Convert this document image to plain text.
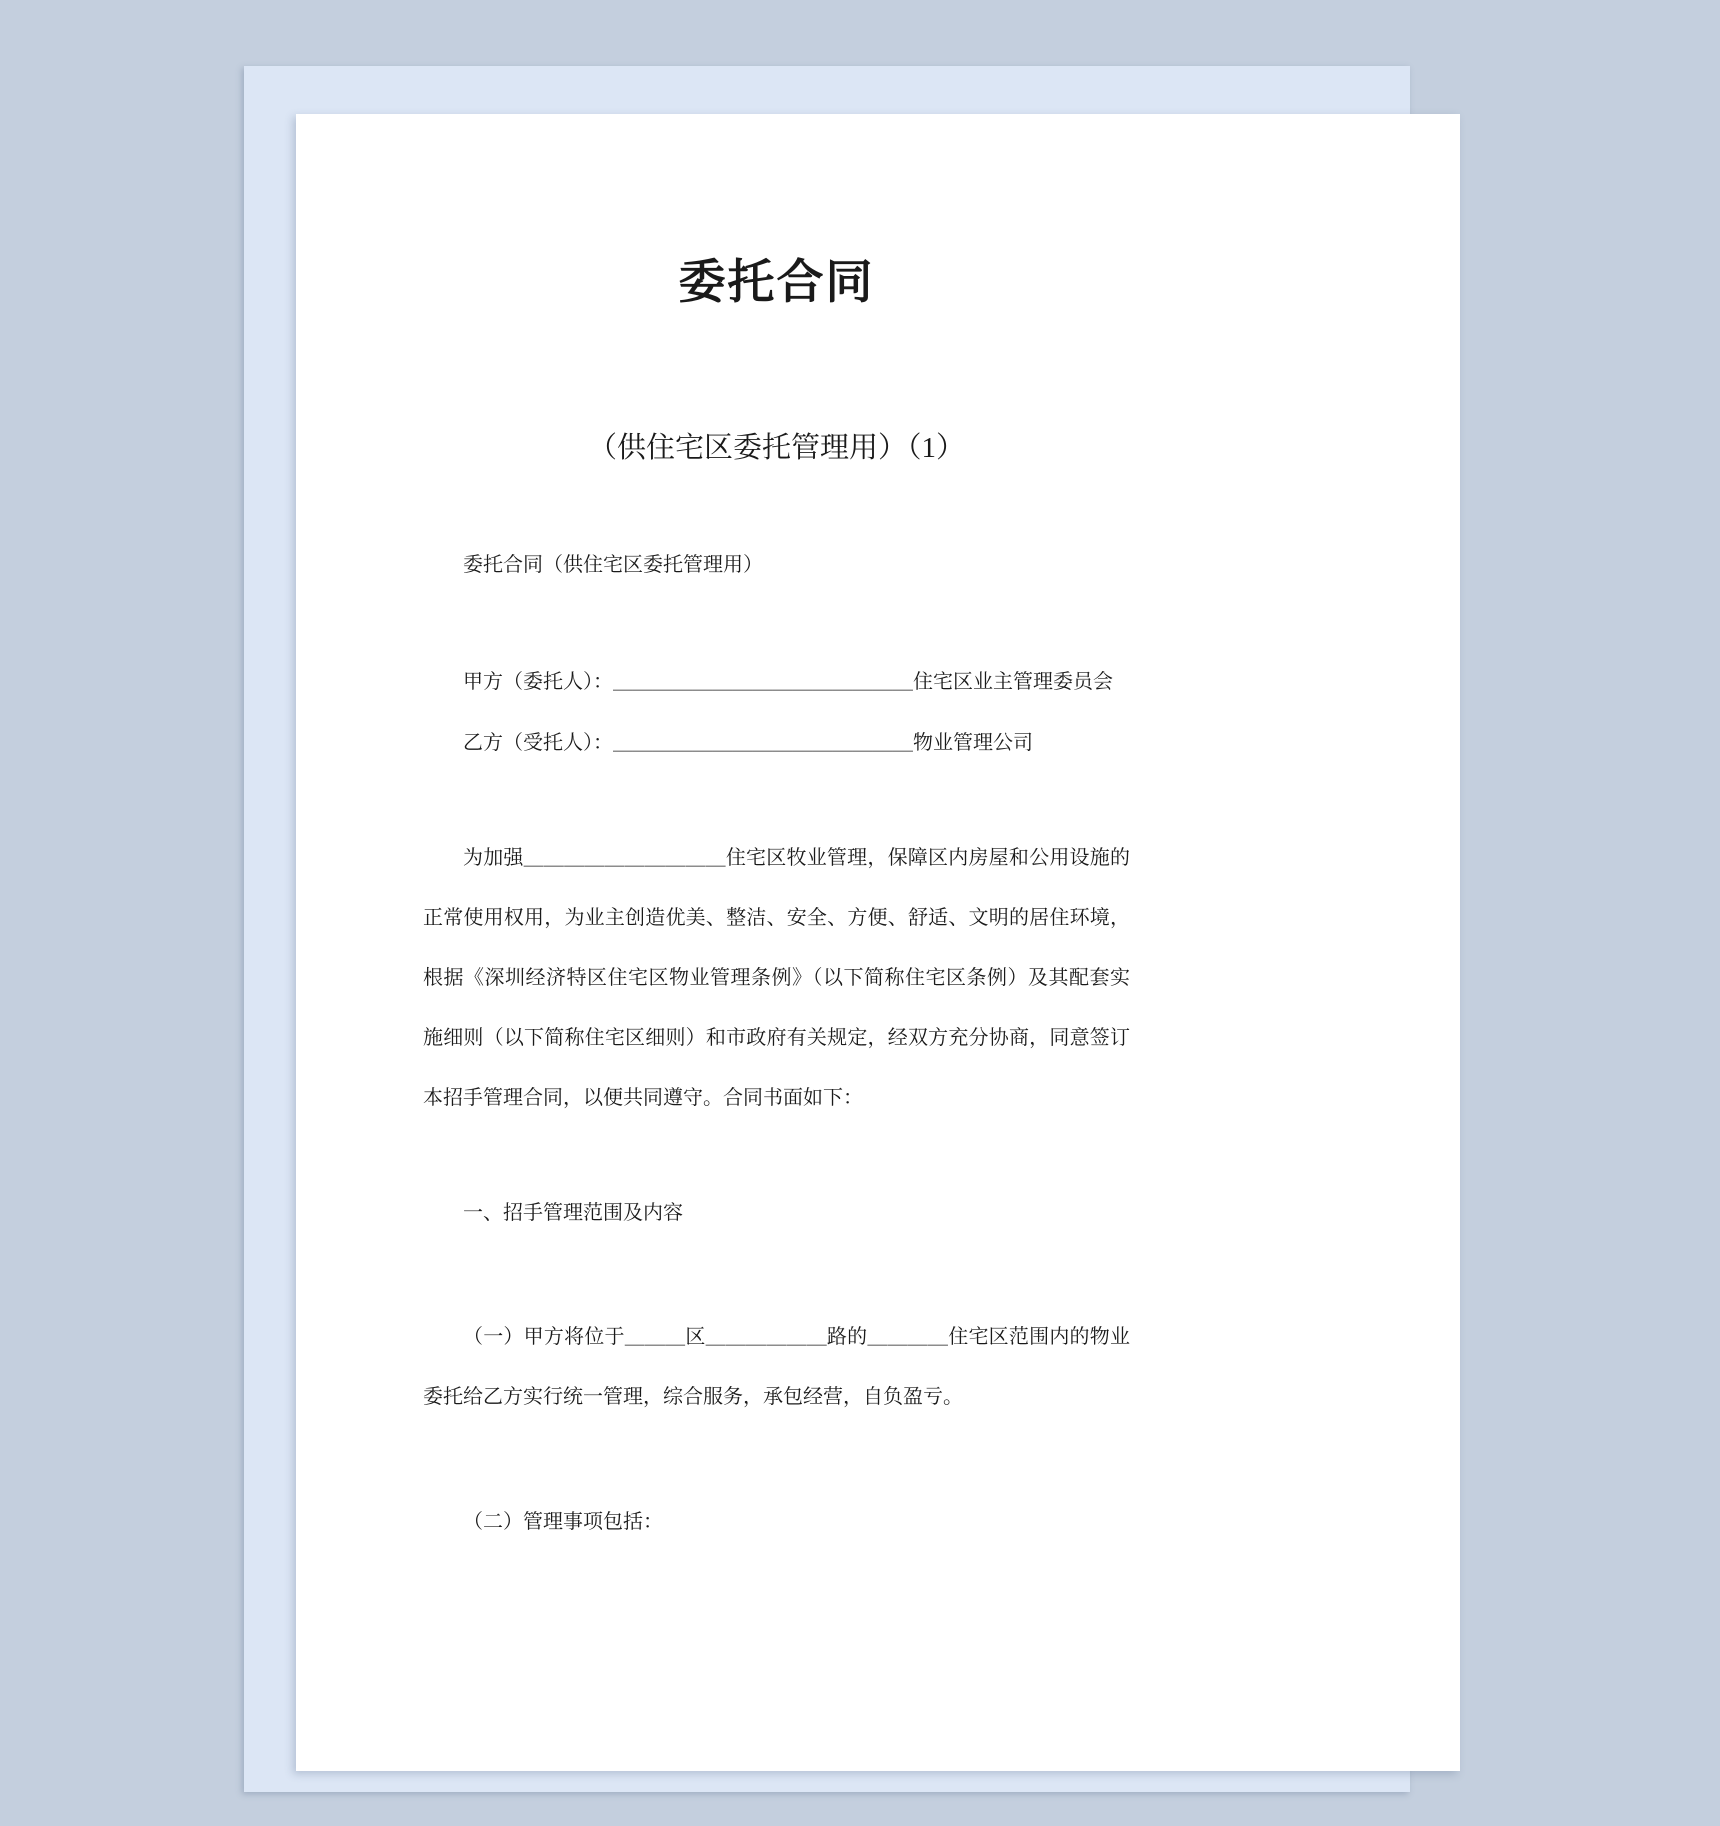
委托合同
（供住宅区委托管理用）（1）
委托合同（供住宅区委托管理用）
甲方（委托人）：＿＿＿＿＿＿＿＿＿＿＿＿＿＿＿住宅区业主管理委员会
乙方（受托人）：＿＿＿＿＿＿＿＿＿＿＿＿＿＿＿物业管理公司
为加强＿＿＿＿＿＿＿＿＿＿住宅区牧业管理，保障区内房屋和公用设施的正常使用权用，为业主创造优美、整洁、安全、方便、舒适、文明的居住环境，根据《深圳经济特区住宅区物业管理条例》（以下简称住宅区条例）及其配套实施细则（以下简称住宅区细则）和市政府有关规定，经双方充分协商，同意签订本招手管理合同，以便共同遵守。合同书面如下：
一、招手管理范围及内容
（一）甲方将位于＿＿＿区＿＿＿＿＿＿路的＿＿＿＿住宅区范围内的物业委托给乙方实行统一管理，综合服务，承包经营，自负盈亏。
（二）管理事项包括：
